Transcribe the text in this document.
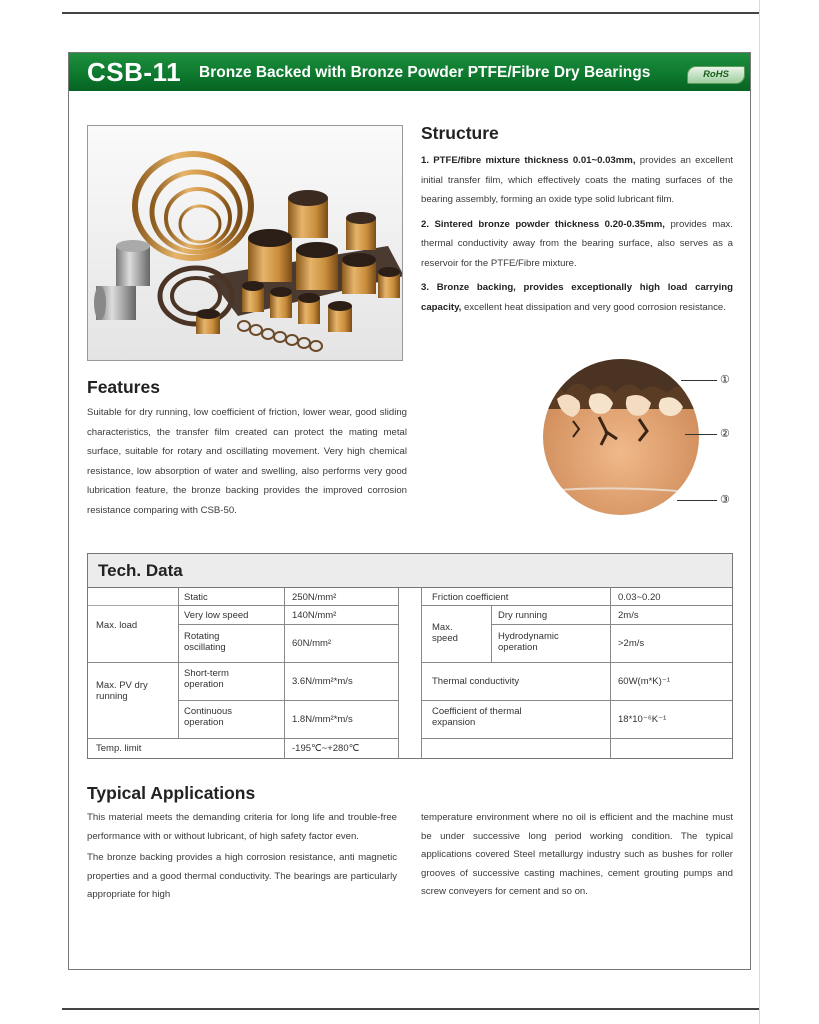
CSB-11 Bronze Backed with Bronze Powder PTFE/Fibre Dry Bearings	RoHS
Structure

1. PTFE/fibre mixture thickness 0.01~0.03mm, provides an excellent initial transfer film, which effectively coats the mating surfaces of the bearing assembly, forming an oxide type solid lubricant film.

2. Sintered bronze powder thickness 0.20-0.35mm, provides max. thermal conductivity away from the bearing surface, also serves as a reservoir for the PTFE/Fibre mixture.

3. Bronze backing, provides exceptionally high load carrying capacity, excellent heat dissipation and very good corrosion resistance.

①
②
③
Features

Suitable for dry running, low coefficient of friction, lower wear, good sliding characteristics, the transfer film created can protect the mating metal surface, suitable for rotary and oscillating movement. Very high chemical resistance, low absorption of water and swelling, also performs very good lubrication feature, the bronze backing provides the improved corrosion resistance comparing with CSB-50.

Tech. Data
Max. load
Static	250N/mm²
Very low speed	140N/mm²
Rotating oscillating	60N/mm²
Max. PV dry running
Short-term operation	3.6N/mm²*m/s
Continuous operation	1.8N/mm²*m/s
Temp. limit	-195℃~+280℃
Friction coefficient	0.03~0.20
Max. speed
Dry running	2m/s
Hydrodynamic operation	>2m/s
Thermal conductivity	60W(m*K)⁻¹
Coefficient of thermal expansion	18*10⁻⁶K⁻¹
Typical Applications

This material meets the demanding criteria for long life and trouble-free performance with or without lubricant, of high safety factor even.

The bronze backing provides a high corrosion resistance, anti magnetic properties and a good thermal conductivity. The bearings are particularly appropriate for high

temperature environment where no oil is efficient and the machine must be under successive long period working condition. The typical applications covered Steel metallurgy industry such as bushes for roller grooves of successive casting machines, cement grouting pumps and screw conveyers for cement and so on.
